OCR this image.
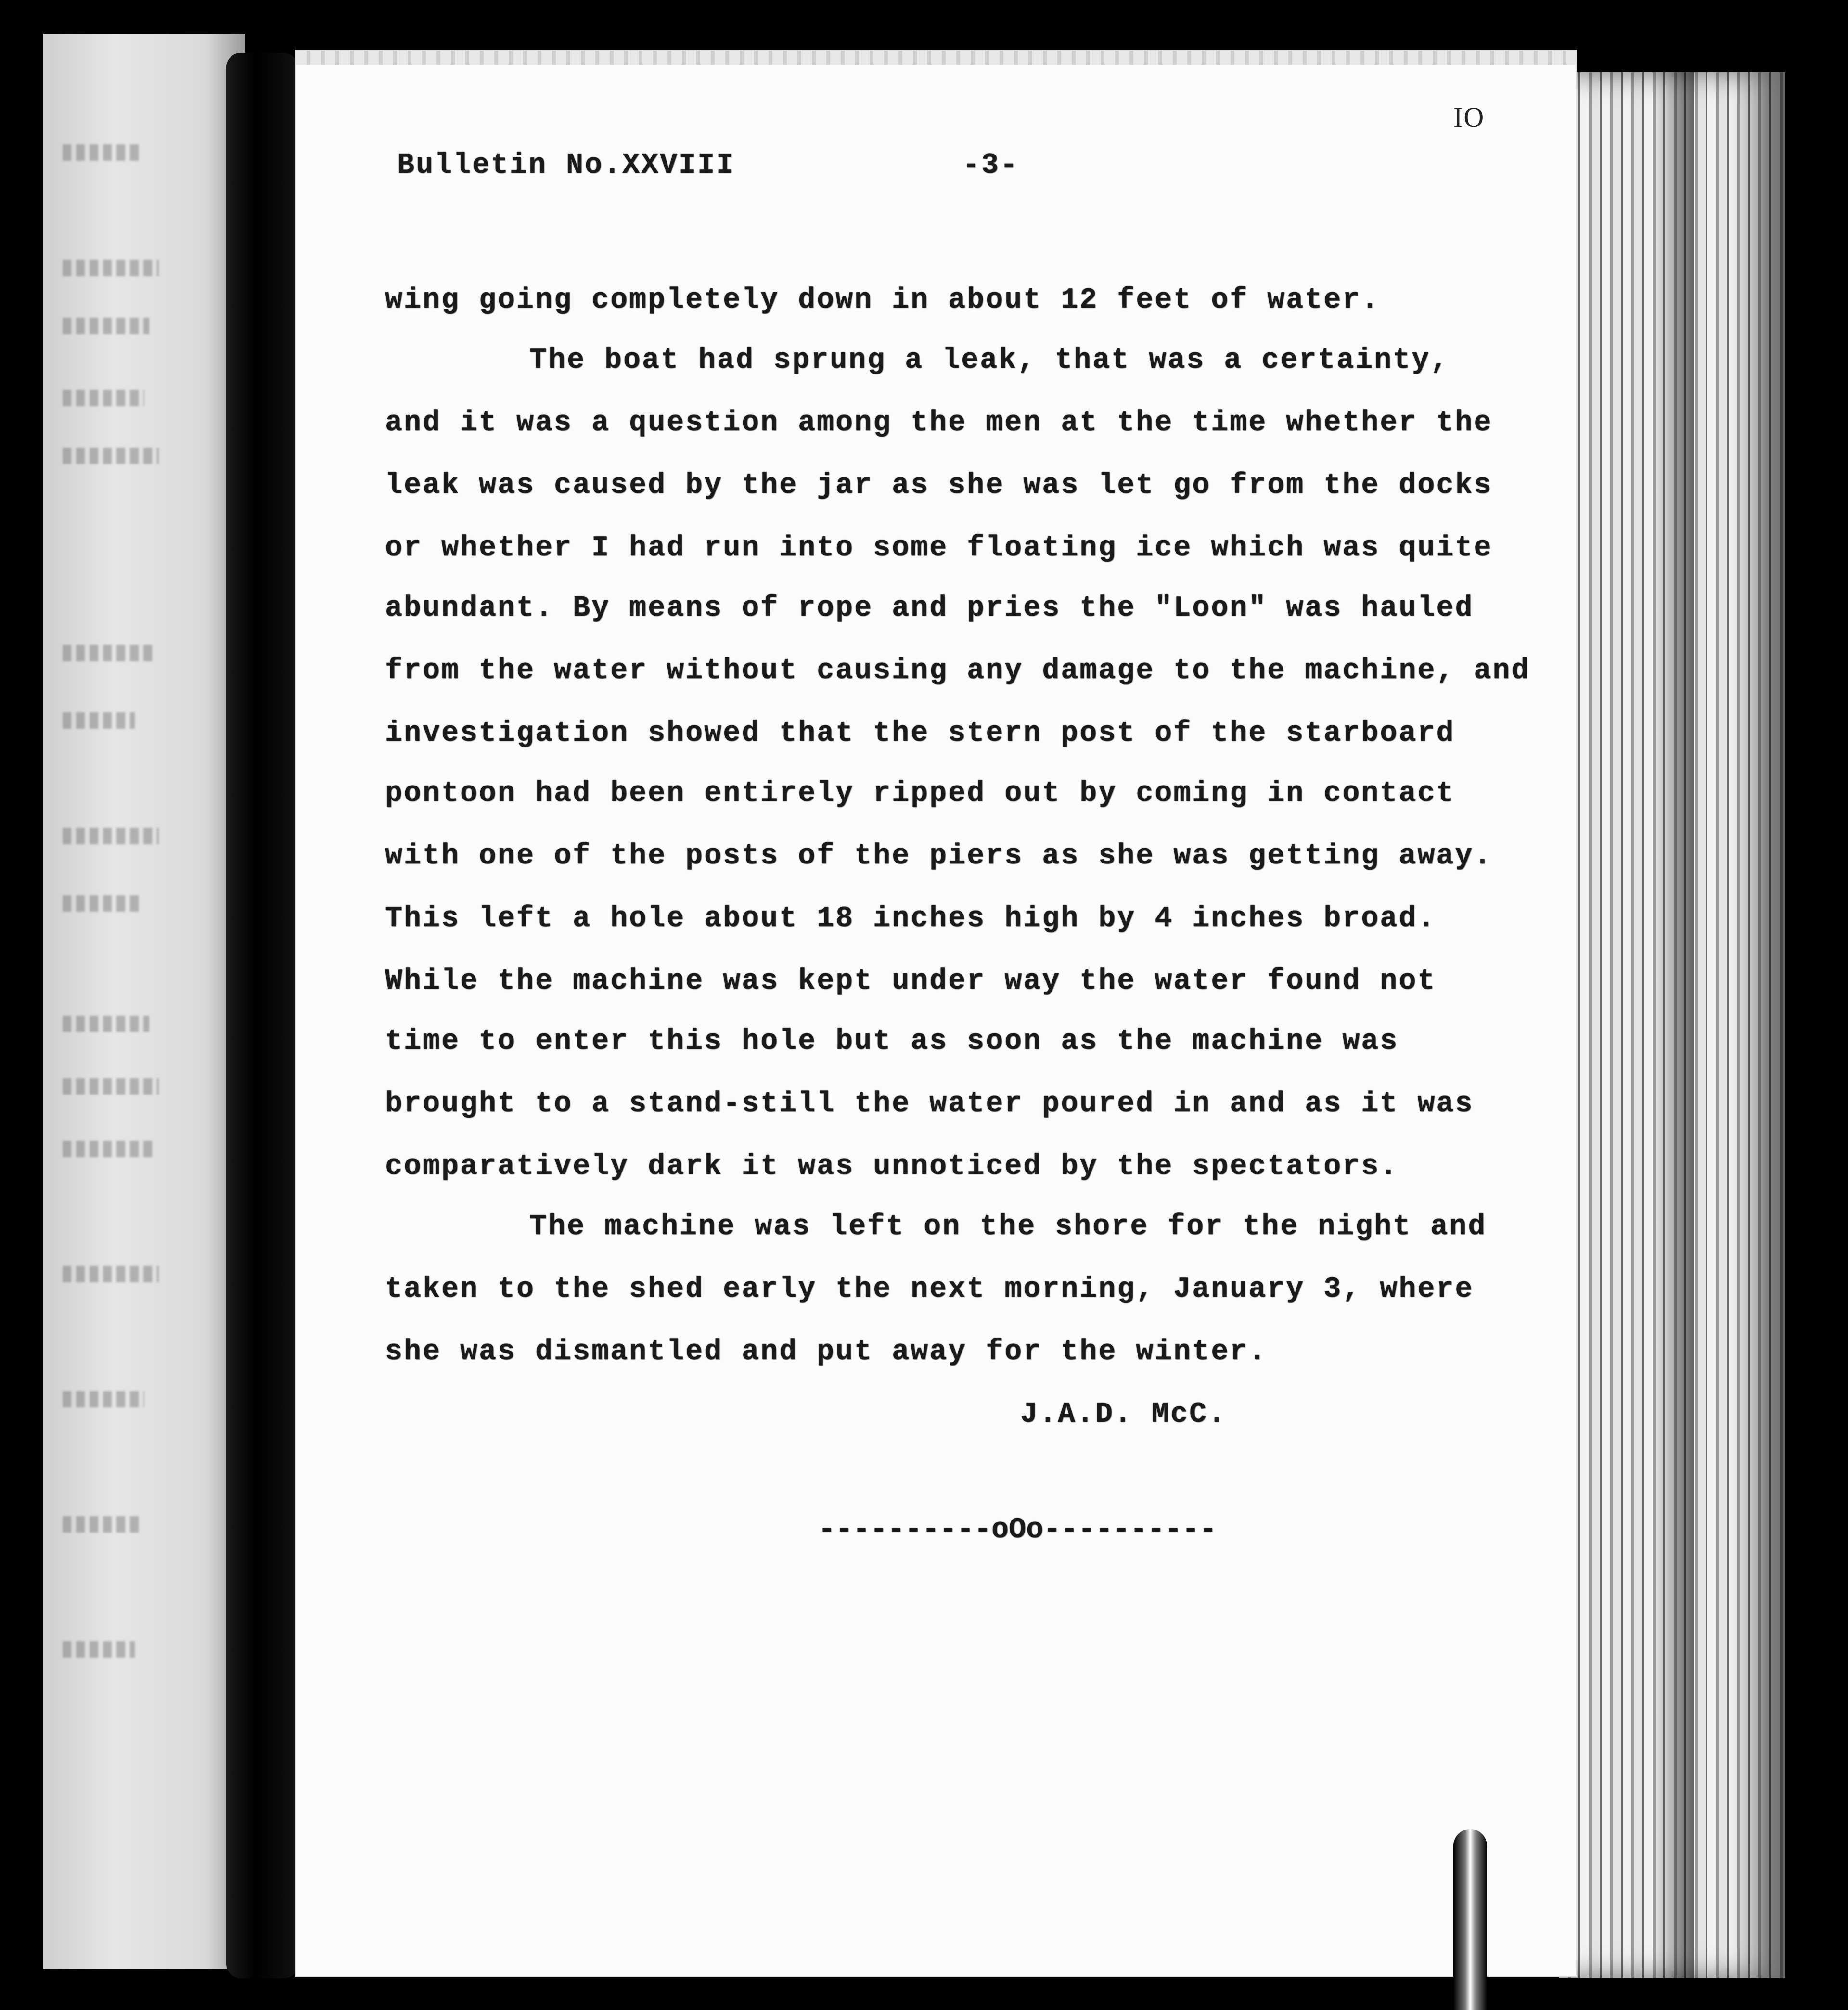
IO
Bulletin No.XXVIII	-3-
wing going completely down in about 12 feet of water.
The boat had sprung a leak, that was a certainty,
and it was a question among the men at the time whether the
leak was caused by the jar as she was let go from the docks
or whether I had run into some floating ice which was quite
abundant. By means of rope and pries the "Loon" was hauled
from the water without causing any damage to the machine, and
investigation showed that the stern post of the starboard
pontoon had been entirely ripped out by coming in contact
with one of the posts of the piers as she was getting away.
This left a hole about 18 inches high by 4 inches broad.
While the machine was kept under way the water found not
time to enter this hole but as soon as the machine was
brought to a stand-still the water poured in and as it was
comparatively dark it was unnoticed by the spectators.
The machine was left on the shore for the night and
taken to the shed early the next morning, January 3, where
she was dismantled and put away for the winter.
J.A.D. McC.
----------oOo----------
